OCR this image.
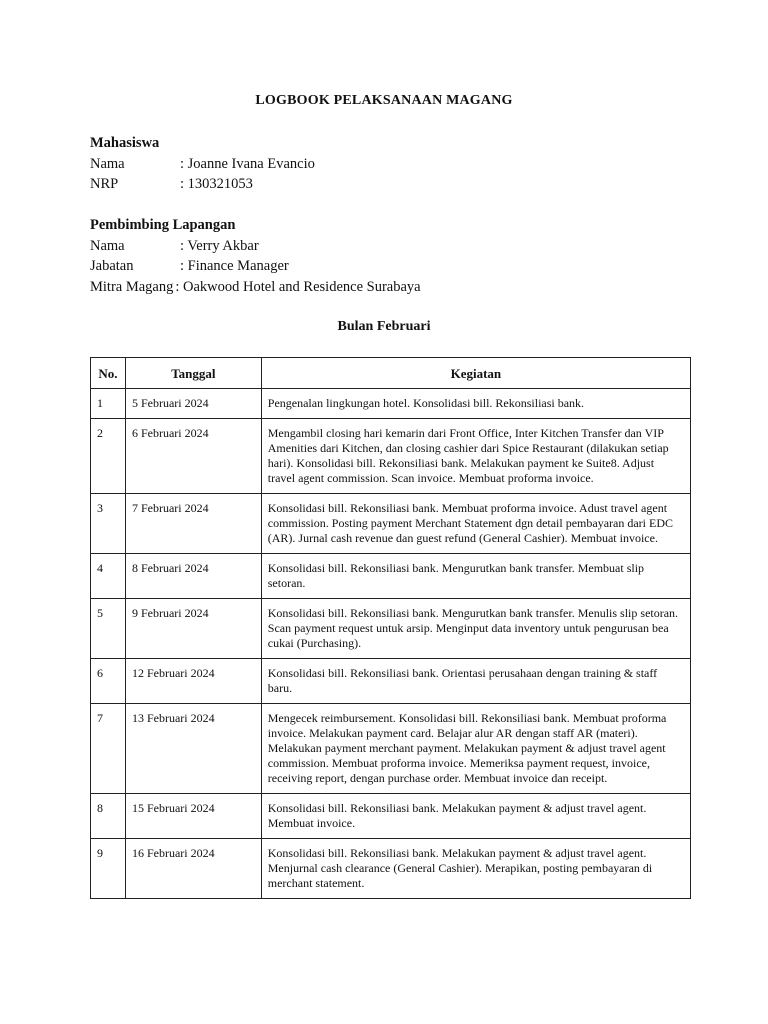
LOGBOOK PELAKSANAAN MAGANG
Mahasiswa
Nama	: Joanne Ivana Evancio
NRP	: 130321053
Pembimbing Lapangan
Nama	: Verry Akbar
Jabatan	: Finance Manager
Mitra Magang : Oakwood Hotel and Residence Surabaya
Bulan Februari
No.	Tanggal	Kegiatan
1	5 Februari 2024	Pengenalan lingkungan hotel. Konsolidasi bill. Rekonsiliasi bank.
2	6 Februari 2024	Mengambil closing hari kemarin dari Front Office, Inter Kitchen Transfer dan VIP Amenities dari Kitchen, dan closing cashier dari Spice Restaurant (dilakukan setiap hari). Konsolidasi bill. Rekonsiliasi bank. Melakukan payment ke Suite8. Adjust travel agent commission. Scan invoice. Membuat proforma invoice.
3	7 Februari 2024	Konsolidasi bill. Rekonsiliasi bank. Membuat proforma invoice. Adust travel agent commission. Posting payment Merchant Statement dgn detail pembayaran dari EDC (AR). Jurnal cash revenue dan guest refund (General Cashier). Membuat invoice.
4	8 Februari 2024	Konsolidasi bill. Rekonsiliasi bank. Mengurutkan bank transfer. Membuat slip setoran.
5	9 Februari 2024	Konsolidasi bill. Rekonsiliasi bank. Mengurutkan bank transfer. Menulis slip setoran. Scan payment request untuk arsip. Menginput data inventory untuk pengurusan bea cukai (Purchasing).
6	12 Februari 2024	Konsolidasi bill. Rekonsiliasi bank. Orientasi perusahaan dengan training & staff baru.
7	13 Februari 2024	Mengecek reimbursement. Konsolidasi bill. Rekonsiliasi bank. Membuat proforma invoice. Melakukan payment card. Belajar alur AR dengan staff AR (materi). Melakukan payment merchant payment. Melakukan payment & adjust travel agent commission. Membuat proforma invoice. Memeriksa payment request, invoice, receiving report, dengan purchase order. Membuat invoice dan receipt.
8	15 Februari 2024	Konsolidasi bill. Rekonsiliasi bank. Melakukan payment & adjust travel agent. Membuat invoice.
9	16 Februari 2024	Konsolidasi bill. Rekonsiliasi bank. Melakukan payment & adjust travel agent. Menjurnal cash clearance (General Cashier). Merapikan, posting pembayaran di merchant statement.
